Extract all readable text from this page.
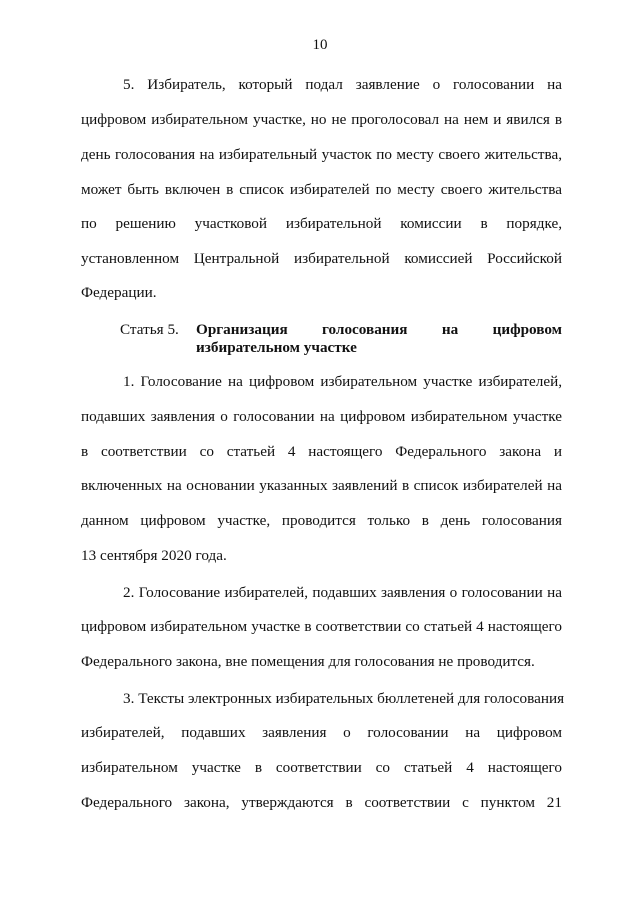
10
5. Избиратель, который подал заявление о голосовании на
цифровом избирательном участке, но не проголосовал на нем и явился в
день голосования на избирательный участок по месту своего жительства,
может быть включен в список избирателей по месту своего жительства
по решению участковой избирательной комиссии в порядке,
установленном Центральной избирательной комиссией Российской
Федерации.
Статья 5. Организация голосования на цифровом
избирательном участке
1. Голосование на цифровом избирательном участке избирателей,
подавших заявления о голосовании на цифровом избирательном участке
в соответствии со статьей 4 настоящего Федерального закона и
включенных на основании указанных заявлений в список избирателей на
данном цифровом участке, проводится только в день голосования
13 сентября 2020 года.
2. Голосование избирателей, подавших заявления о голосовании на
цифровом избирательном участке в соответствии со статьей 4 настоящего
Федерального закона, вне помещения для голосования не проводится.
3. Тексты электронных избирательных бюллетеней для голосования
избирателей, подавших заявления о голосовании на цифровом
избирательном участке в соответствии со статьей 4 настоящего
Федерального закона, утверждаются в соответствии с пунктом 21
